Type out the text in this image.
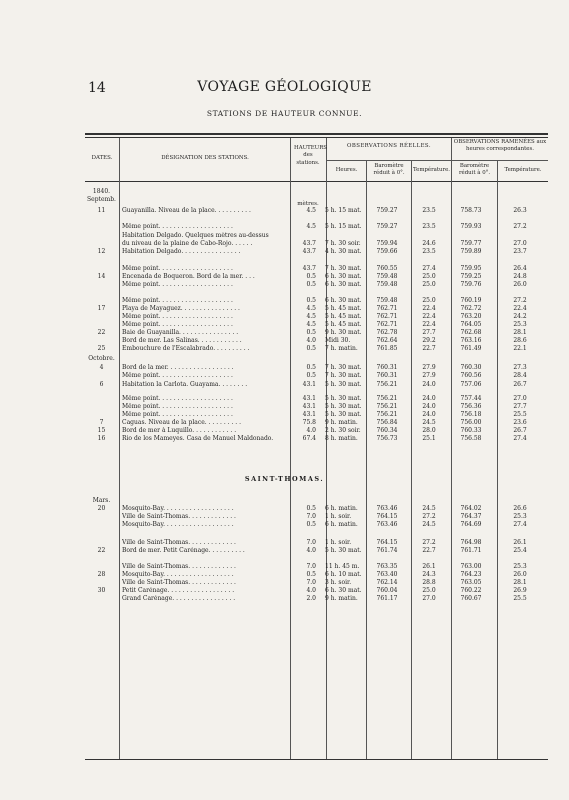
14	VOYAGE GÉOLOGIQUE
STATIONS DE HAUTEUR CONNUE.
DATES.	DÉSIGNATION DES STATIONS.
HAUTEURS des stations.
OBSERVATIONS RÉELLES.
OBSERVATIONS RAMENÉES aux heures correspondantes.
Heures.
Baromètre réduit à 0°.
Température.
Baromètre réduit à 0°.
Température.
mètres.
SAINT-THOMAS.
1840.
Septemb.
11	Guayanilla. Niveau de la place. . . . . . . . . .	4.5 5 h. 15 mat.	759.27	23.5	758.73	26.3
Même point. . . . . . . . . . . . . . . . . . . .	4.5 5 h. 15 mat.	759.27	23.5	759.93	27.2
Habitation Delgado. Quelques mètres au-dessus
du niveau de la plaine de Cabo-Rojo. . . . . .	43.7 7 h. 30 soir.	759.94	24.6	759.77	27.0
12	Habitation Delgado. . . . . . . . . . . . . . . .	43.7 4 h. 30 mat.	759.66	23.5	759.89	23.7
Même point. . . . . . . . . . . . . . . . . . . .	43.7 7 h. 30 mat.	760.55	27.4	759.95	26.4
14	Encenada de Boqueron. Bord de la mer. . . .	0.5 6 h. 30 mat.	759.48	25.0	759.25	24.8
Même point. . . . . . . . . . . . . . . . . . . .	0.5 6 h. 30 mat.	759.48	25.0	759.76	26.0
Même point. . . . . . . . . . . . . . . . . . . .	0.5 6 h. 30 mat.	759.48	25.0	760.19	27.2
17	Playa de Mayaguez. . . . . . . . . . . . . . . .	4.5 5 h. 45 mat.	762.71	22.4	762.72	22.4
Même point. . . . . . . . . . . . . . . . . . . .	4.5 5 h. 45 mat.	762.71	22.4	763.20	24.2
Même point. . . . . . . . . . . . . . . . . . . .	4.5 5 h. 45 mat.	762.71	22.4	764.05	25.3
22	Baie de Guayanilla. . . . . . . . . . . . . . . .	0.5 9 h. 30 mat.	762.78	27.7	762.68	28.1
Bord de mer. Las Salinas. . . . . . . . . . . .	4.0 Midi 30.	762.64	29.2	763.16	28.6
25	Embouchure de l'Escalabrado. . . . . . . . . .	0.5 7 h. matin.	761.85	22.7	761.49	22.1
Octobre.
4	Bord de la mer. . . . . . . . . . . . . . . . . .	0.5 7 h. 30 mat.	760.31	27.9	760.30	27.3
Même point. . . . . . . . . . . . . . . . . . . .	0.5 7 h. 30 mat.	760.31	27.9	760.56	28.4
6	Habitation la Carlota. Guayama. . . . . . . .	43.1 5 h. 30 mat.	756.21	24.0	757.06	26.7
Même point. . . . . . . . . . . . . . . . . . . .	43.1 5 h. 30 mat.	756.21	24.0	757.44	27.0
Même point. . . . . . . . . . . . . . . . . . . .	43.1 5 h. 30 mat.	756.21	24.0	756.36	27.7
Même point. . . . . . . . . . . . . . . . . . . .	43.1 5 h. 30 mat.	756.21	24.0	756.18	25.5
7	Caguas. Niveau de la place. . . . . . . . . .	75.8 9 h. matin.	756.84	24.5	756.00	23.6
15	Bord de mer à Luquillo. . . . . . . . . . . .	4.0 2 h. 30 soir.	760.34	28.0	760.33	26.7
16	Rio de los Mameyes. Casa de Manuel Maldonado.	67.4 8 h. matin.	756.73	25.1	756.58	27.4
Mars.
20	Mosquito-Bay. . . . . . . . . . . . . . . . . . .	0.5 6 h. matin.	763.46	24.5	764.02	26.6
Ville de Saint-Thomas. . . . . . . . . . . . .	7.0 1 h. soir.	764.15	27.2	764.37	25.3
Mosquito-Bay. . . . . . . . . . . . . . . . . . .	0.5 6 h. matin.	763.46	24.5	764.69	27.4
Ville de Saint-Thomas. . . . . . . . . . . . .	7.0 1 h. soir.	764.15	27.2	764.98	26.1
22	Bord de mer. Petit Carénage. . . . . . . . . .	4.0 5 h. 30 mat.	761.74	22.7	761.71	25.4
Ville de Saint-Thomas. . . . . . . . . . . . .	7.0 11 h. 45 m.	763.35	26.1	763.00	25.3
28	Mosquito-Bay. . . . . . . . . . . . . . . . . . .	0.5 6 h. 10 mat.	763.40	24.3	764.23	26.0
Ville de Saint-Thomas. . . . . . . . . . . . .	7.0 3 h. soir.	762.14	28.8	763.05	28.1
30	Petit Carénage. . . . . . . . . . . . . . . . . .	4.0 6 h. 30 mat.	760.04	25.0	760.22	26.9
Grand Carénage. . . . . . . . . . . . . . . . .	2.0 9 h. matin.	761.17	27.0	760.67	25.5
